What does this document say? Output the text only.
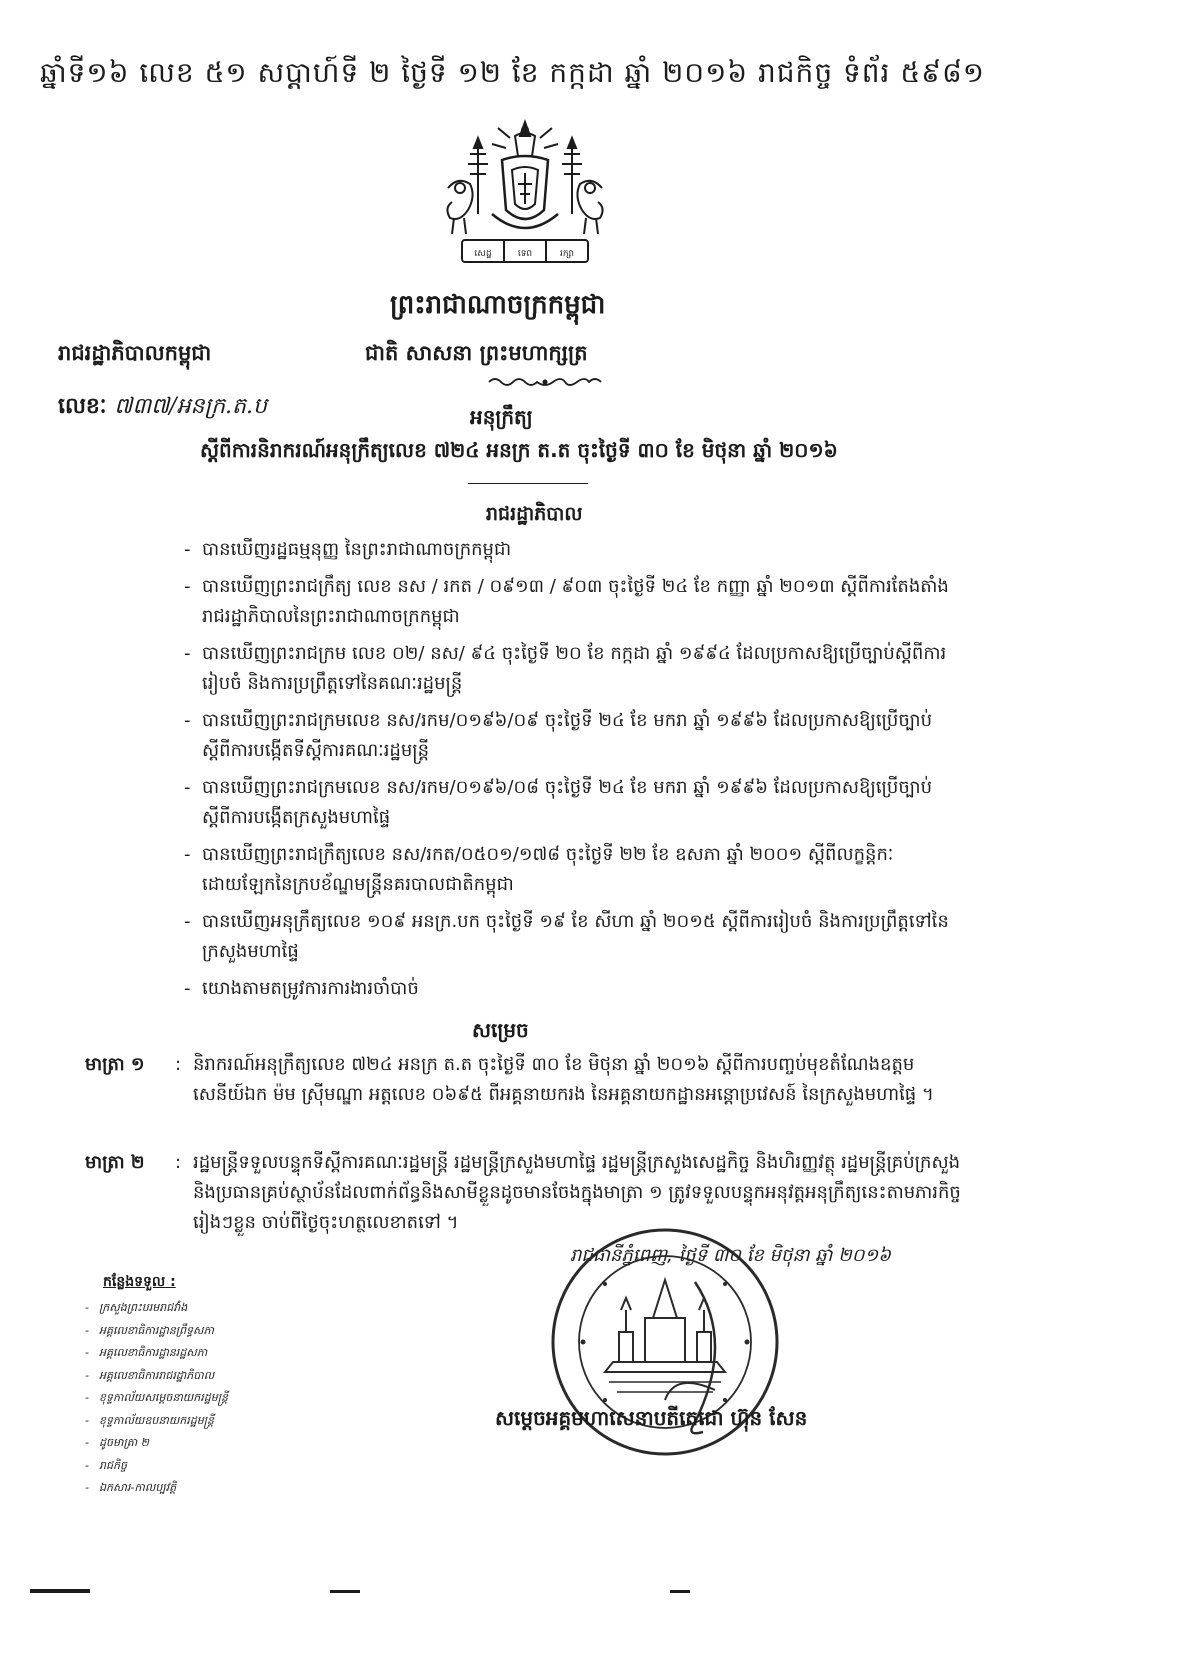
ឆ្នាំទី១៦ លេខ ៥១ សប្តាហ៍ទី ២ ថ្ងៃទី ១២ ខែ កក្កដា ឆ្នាំ ២០១៦ រាជកិច្ច ទំព័រ ៥៩៨១
សេដ្ឋ	ទេព	រក្សា
ព្រះរាជាណាចក្រកម្ពុជា
រាជរដ្ឋាភិបាលកម្ពុជា	ជាតិ សាសនា ព្រះមហាក្សត្រ
លេខៈ ៧៣៧/អនក្រ.ត.ប	អនុក្រឹត្យ
ស្តីពីការនិរាករណ៍អនុក្រឹត្យលេខ ៧២៤ អនក្រ ត.ត ចុះថ្ងៃទី ៣០ ខែ មិថុនា ឆ្នាំ ២០១៦
រាជរដ្ឋាភិបាល
- បានឃើញរដ្ឋធម្មនុញ្ញ នៃព្រះរាជាណាចក្រកម្ពុជា
- បានឃើញព្រះរាជក្រឹត្យ លេខ នស / រកត / ០៩១៣ / ៩០៣ ចុះថ្ងៃទី ២៤ ខែ កញ្ញា ឆ្នាំ ២០១៣ ស្តីពីការតែងតាំងរាជរដ្ឋាភិបាលនៃព្រះរាជាណាចក្រកម្ពុជា
- បានឃើញព្រះរាជក្រម លេខ ០២/ នស/ ៩៤ ចុះថ្ងៃទី ២០ ខែ កក្កដា ឆ្នាំ ១៩៩៤ ដែលប្រកាសឱ្យប្រើច្បាប់ស្តីពីការរៀបចំ និងការប្រព្រឹត្តទៅនៃគណៈរដ្ឋមន្ត្រី
- បានឃើញព្រះរាជក្រមលេខ នស/រកម/០១៩៦/០៩ ចុះថ្ងៃទី ២៤ ខែ មករា ឆ្នាំ ១៩៩៦ ដែលប្រកាសឱ្យប្រើច្បាប់ស្តីពីការបង្កើតទីស្តីការគណៈរដ្ឋមន្ត្រី
- បានឃើញព្រះរាជក្រមលេខ នស/រកម/០១៩៦/០៨ ចុះថ្ងៃទី ២៤ ខែ មករា ឆ្នាំ ១៩៩៦ ដែលប្រកាសឱ្យប្រើច្បាប់ស្តីពីការបង្កើតក្រសួងមហាផ្ទៃ
- បានឃើញព្រះរាជក្រឹត្យលេខ នស/រកត/០៥០១/១៧៨ ចុះថ្ងៃទី ២២ ខែ ឧសភា ឆ្នាំ ២០០១ ស្តីពីលក្ខន្តិកៈដោយឡែកនៃក្របខ័ណ្ឌមន្ត្រីនគរបាលជាតិកម្ពុជា
- បានឃើញអនុក្រឹត្យលេខ ១០៩ អនក្រ.បក ចុះថ្ងៃទី ១៩ ខែ សីហា ឆ្នាំ ២០១៥ ស្តីពីការរៀបចំ និងការប្រព្រឹត្តទៅនៃក្រសួងមហាផ្ទៃ
- យោងតាមតម្រូវការការងារចាំបាច់
សម្រេច
មាត្រា ១ : និរាករណ៍អនុក្រឹត្យលេខ ៧២៤ អនក្រ ត.ត ចុះថ្ងៃទី ៣០ ខែ មិថុនា ឆ្នាំ ២០១៦ ស្តីពីការបញ្ចប់មុខតំណែងឧត្តមសេនីយ៍ឯក ម៉ម ស៊្រីមណ្ឌា អត្តលេខ ០៦៩៥ ពីអគ្គនាយករង នៃអគ្គនាយកដ្ឋានអន្តោប្រវេសន៍ នៃក្រសួងមហាផ្ទៃ ។
មាត្រា ២ : រដ្ឋមន្ត្រីទទួលបន្ទុកទីស្តីការគណៈរដ្ឋមន្ត្រី រដ្ឋមន្ត្រីក្រសួងមហាផ្ទៃ រដ្ឋមន្ត្រីក្រសួងសេដ្ឋកិច្ច និងហិរញ្ញវត្ថុ រដ្ឋមន្ត្រីគ្រប់ក្រសួង និងប្រធានគ្រប់ស្ថាប័នដែលពាក់ព័ន្ធនិងសាមីខ្លួនដូចមានចែងក្នុងមាត្រា ១ ត្រូវទទួលបន្ទុកអនុវត្តអនុក្រឹត្យនេះតាមភារកិច្ចរៀងៗខ្លួន ចាប់ពីថ្ងៃចុះហត្ថលេខាតទៅ ។
រាជធានីភ្នំពេញ, ថ្ងៃទី ៣០ ខែ មិថុនា ឆ្នាំ ២០១៦
កន្លែងទទួល :
- ក្រសួងព្រះបរមរាជវាំង
- អគ្គលេខាធិការដ្ឋានព្រឹទ្ធសភា
- អគ្គលេខាធិការដ្ឋានរដ្ឋសភា
- អគ្គលេខាធិការរាជរដ្ឋាភិបាល
- ខុទ្ទកាល័យសម្តេចនាយករដ្ឋមន្ត្រី
- ខុទ្ទកាល័យឧបនាយករដ្ឋមន្ត្រី
- ដូចមាត្រា ២
- រាជកិច្ច
- ឯកសារ-កាលប្បវត្តិ
សម្តេចអគ្គមហាសេនាបតីតេជោ ហ៊ុន សែន
